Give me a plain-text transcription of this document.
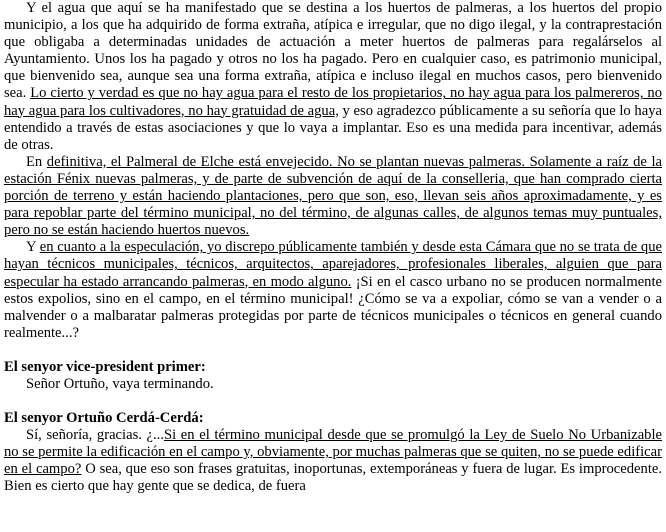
Y el agua que aquí se ha manifestado que se destina a los huertos de palmeras, a los huertos del propio municipio, a los que ha adquirido de forma extraña, atípica e irregular, que no digo ilegal, y la contraprestación que obligaba a determinadas unidades de actuación a meter huertos de palmeras para regalárselos al Ayuntamiento. Unos los ha pagado y otros no los ha pagado. Pero en cualquier caso, es patrimonio municipal, que bienvenido sea, aunque sea una forma extraña, atípica e incluso ilegal en muchos casos, pero bienvenido sea. Lo cierto y verdad es que no hay agua para el resto de los propietarios, no hay agua para los palmereros, no hay agua para los cultivadores, no hay gratuidad de agua, y eso agradezco públicamente a su señoría que lo haya entendido a través de estas asociaciones y que lo vaya a implantar. Eso es una medida para incentivar, además de otras.

En definitiva, el Palmeral de Elche está envejecido. No se plantan nuevas palmeras. Solamente a raíz de la estación Fénix nuevas palmeras, y de parte de subvención de aquí de la conselleria, que han comprado cierta porción de terreno y están haciendo plantaciones, pero que son, eso, llevan seis años aproximadamente, y es para repoblar parte del término municipal, no del término, de algunas calles, de algunos temas muy puntuales, pero no se están haciendo huertos nuevos.

Y en cuanto a la especulación, yo discrepo públicamente también y desde esta Cámara que no se trata de que hayan técnicos municipales, técnicos, arquitectos, aparejadores, profesionales liberales, alguien que para especular ha estado arrancando palmeras, en modo alguno. ¡Si en el casco urbano no se producen normalmente estos expolios, sino en el campo, en el término municipal! ¿Cómo se va a expoliar, cómo se van a vender o a malvender o a malbaratar palmeras protegidas por parte de técnicos municipales o técnicos en general cuando realmente...?

El senyor vice-president primer:

Señor Ortuño, vaya terminando.

El senyor Ortuño Cerdá-Cerdá:

Sí, señoría, gracias. ¿...Si en el término municipal desde que se promulgó la Ley de Suelo No Urbanizable no se permite la edificación en el campo y, obviamente, por muchas palmeras que se quiten, no se puede edificar en el campo? O sea, que eso son frases gratuitas, inoportunas, extemporáneas y fuera de lugar. Es improcedente. Bien es cierto que hay gente que se dedica, de fuera
